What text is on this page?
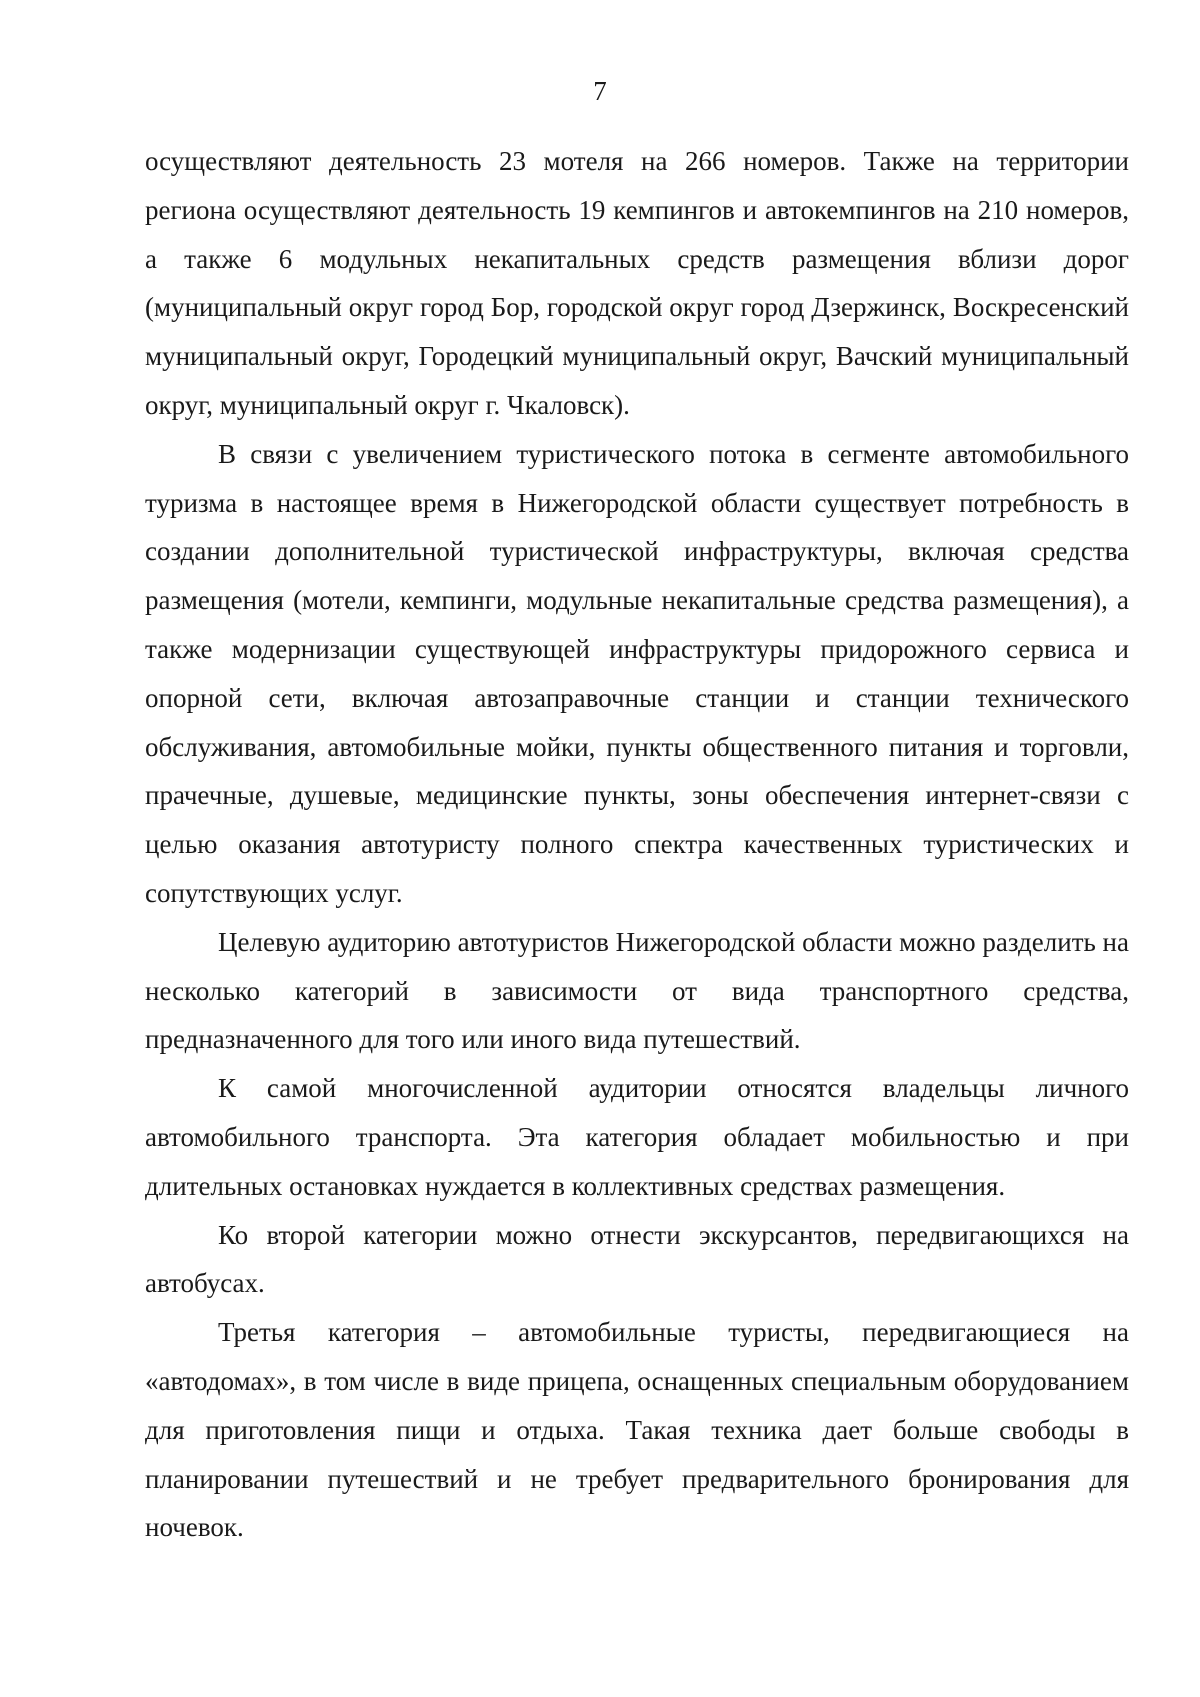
7

осуществляют деятельность 23 мотеля на 266 номеров. Также на территории региона осуществляют деятельность 19 кемпингов и автокемпингов на 210 номеров, а также 6 модульных некапитальных средств размещения вблизи дорог (муниципальный округ город Бор, городской округ город Дзержинск, Воскресенский муниципальный округ, Городецкий муниципальный округ, Вачский муниципальный округ, муниципальный округ г. Чкаловск).

В связи с увеличением туристического потока в сегменте автомобильного туризма в настоящее время в Нижегородской области существует потребность в создании дополнительной туристической инфраструктуры, включая средства размещения (мотели, кемпинги, модульные некапитальные средства размещения), а также модернизации существующей инфраструктуры придорожного сервиса и опорной сети, включая автозаправочные станции и станции технического обслуживания, автомобильные мойки, пункты общественного питания и торговли, прачечные, душевые, медицинские пункты, зоны обеспечения интернет-связи с целью оказания автотуристу полного спектра качественных туристических и сопутствующих услуг.

Целевую аудиторию автотуристов Нижегородской области можно разделить на несколько категорий в зависимости от вида транспортного средства, предназначенного для того или иного вида путешествий.

К самой многочисленной аудитории относятся владельцы личного автомобильного транспорта. Эта категория обладает мобильностью и при длительных остановках нуждается в коллективных средствах размещения.

Ко второй категории можно отнести экскурсантов, передвигающихся на автобусах.

Третья категория – автомобильные туристы, передвигающиеся на «автодомах», в том числе в виде прицепа, оснащенных специальным оборудованием для приготовления пищи и отдыха. Такая техника дает больше свободы в планировании путешествий и не требует предварительного бронирования для ночевок.
